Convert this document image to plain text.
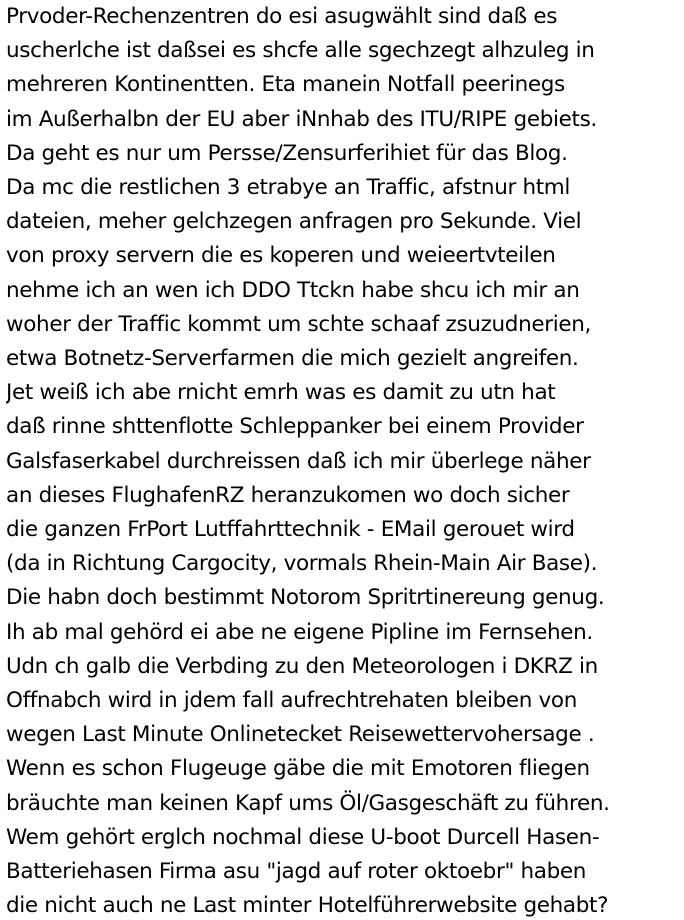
Prvoder-Rechenzentren do esi asugwählt sind daß es

uscherlche ist daßsei es shcfe alle sgechzegt alhzuleg in

mehreren Kontinentten. Eta manein Notfall peerinegs

im Außerhalbn der EU aber iNnhab des ITU/RIPE gebiets.

Da geht es nur um Persse/Zensurferihiet für das Blog.

Da mc die restlichen 3 etrabye an Traffic, afstnur html

dateien, meher gelchzegen anfragen pro Sekunde. Viel

von proxy servern die es koperen und weieertvteilen

nehme ich an wen ich DDO Ttckn habe shcu ich mir an

woher der Traffic kommt um schte schaaf zsuzudnerien,

etwa Botnetz-Serverfarmen die mich gezielt angreifen.

Jet weiß ich abe rnicht emrh was es damit zu utn hat

daß rinne shttenflotte Schleppanker bei einem Provider

Galsfaserkabel durchreissen daß ich mir überlege näher

an dieses FlughafenRZ heranzukomen wo doch sicher

die ganzen FrPort Lutffahrttechnik - EMail gerouet wird

(da in Richtung Cargocity, vormals Rhein-Main Air Base).

Die habn doch bestimmt Notorom Spritrtinereung genug.

Ih ab mal gehörd ei abe ne eigene Pipline im Fernsehen.

Udn ch galb die Verbding zu den Meteorologen i DKRZ in

Offnabch wird in jdem fall aufrechtrehaten bleiben von

wegen Last Minute Onlinetecket Reisewettervohersage .

Wenn es schon Flugeuge gäbe die mit Emotoren fliegen

bräuchte man keinen Kapf ums Öl/Gasgeschäft zu führen.

Wem gehört erglch nochmal diese U-boot Durcell Hasen-

Batteriehasen Firma asu "jagd auf roter oktoebr" haben

die nicht auch ne Last minter Hotelführerwebsite gehabt?
